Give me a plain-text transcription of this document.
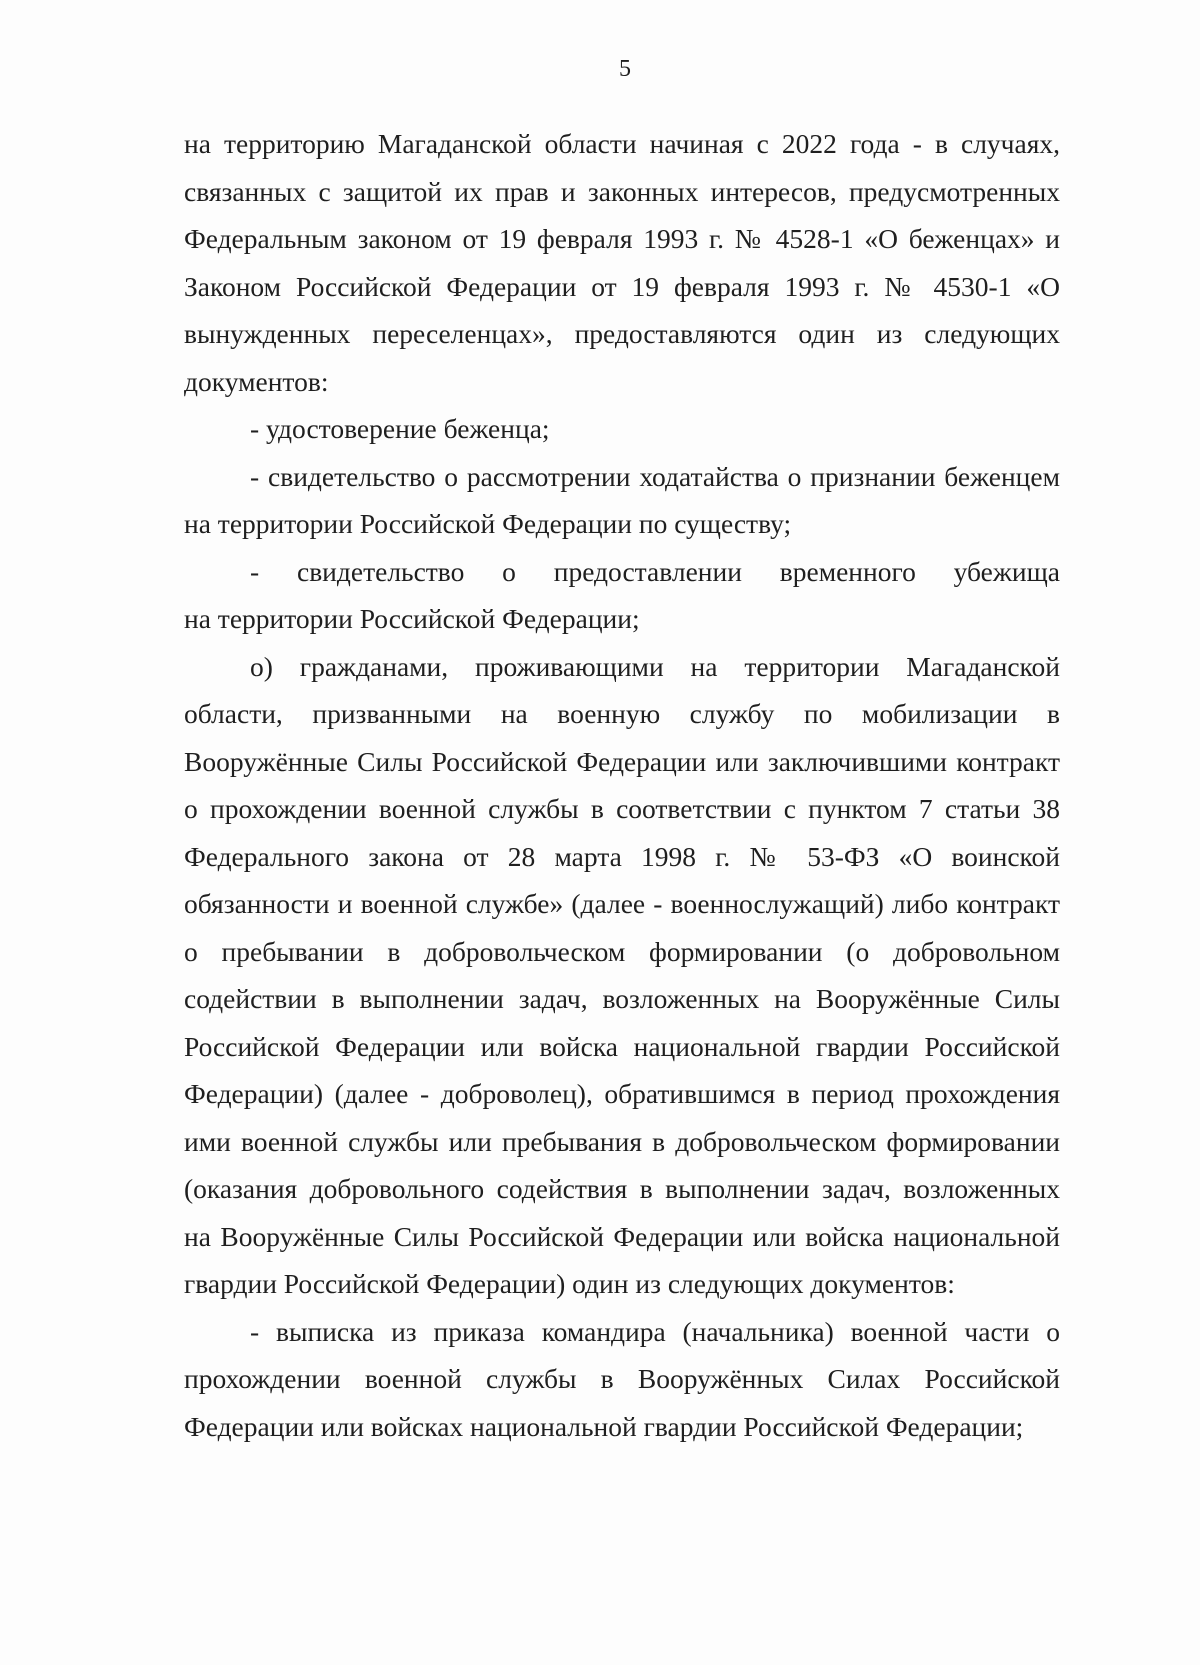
5

на территорию Магаданской области начиная с 2022 года - в случаях, связанных с защитой их прав и законных интересов, предусмотренных Федеральным законом от 19 февраля 1993 г. № 4528-1 «О беженцах» и Законом Российской Федерации от 19 февраля 1993 г. № 4530-1 «О вынужденных переселенцах», предоставляются один из следующих документов:

- удостоверение беженца;

- свидетельство о рассмотрении ходатайства о признании беженцем на территории Российской Федерации по существу;

- свидетельство о предоставлении временного убежища

на территории Российской Федерации;

о) гражданами, проживающими на территории Магаданской области, призванными на военную службу по мобилизации в Вооружённые Силы Российской Федерации или заключившими контракт о прохождении военной службы в соответствии с пунктом 7 статьи 38 Федерального закона от 28 марта 1998 г. № 53-ФЗ «О воинской обязанности и военной службе» (далее - военнослужащий) либо контракт о пребывании в добровольческом формировании (о добровольном содействии в выполнении задач, возложенных на Вооружённые Силы Российской Федерации или войска национальной гвардии Российской Федерации) (далее - доброволец), обратившимся в период прохождения ими военной службы или пребывания в добровольческом формировании (оказания добровольного содействия в выполнении задач, возложенных на Вооружённые Силы Российской Федерации или войска национальной гвардии Российской Федерации) один из следующих документов:

- выписка из приказа командира (начальника) военной части о прохождении военной службы в Вооружённых Силах Российской Федерации или войсках национальной гвардии Российской Федерации;
